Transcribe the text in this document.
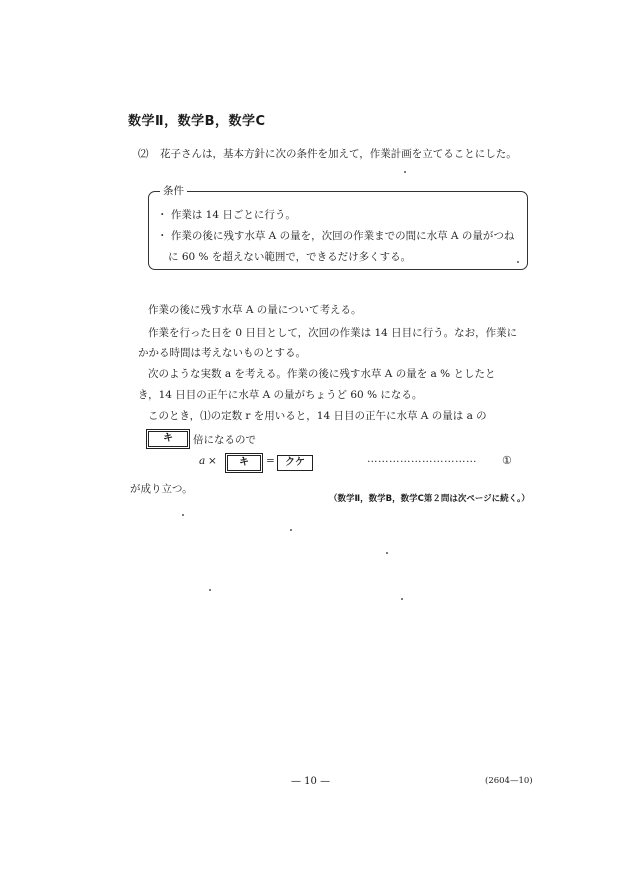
数学Ⅱ，数学B，数学C
⑵ 花子さんは，基本方針に次の条件を加えて，作業計画を立てることにした。
条件
・ 作業は 14 日ごとに行う。
・ 作業の後に残す水草 A の量を，次回の作業までの間に水草 A の量がつね
に 60 % を超えない範囲で，できるだけ多くする。
作業の後に残す水草 A の量について考える。
作業を行った日を 0 日目として，次回の作業は 14 日目に行う。なお，作業に
かかる時間は考えないものとする。
次のような実数 a を考える。作業の後に残す水草 A の量を a % としたと
き，14 日目の正午に水草 A の量がちょうど 60 % になる。
このとき，⑴の定数 r を用いると，14 日目の正午に水草 A の量は a の
キ	倍になるので
a ×	キ	=	クケ	………………………… ①
が成り立つ。
（数学Ⅱ，数学B，数学C第２問は次ページに続く。）
— 10 —	(2604—10)
